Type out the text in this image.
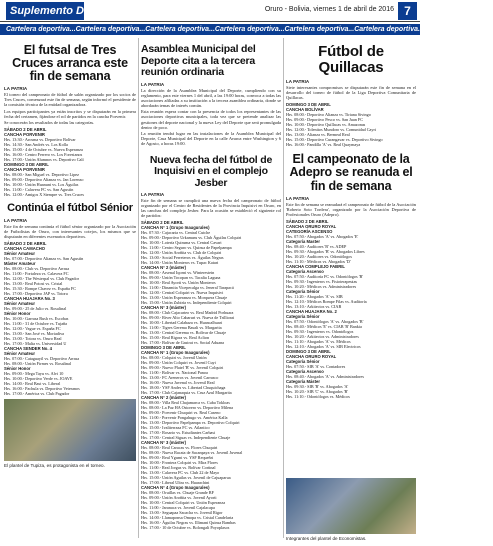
Suplemento Deportivo	Oruro - Bolivia, viernes 1 de abril de 2016 7
Cartelera deportiva...Cartelera deportiva...Cartelera deportiva...Cartelera deportiva...Cartelera deportiva...Cartelera deportiva...Cartelera deportiva...
El futsal de Tres Cruces arranca este fin de semana
LA PATRIA

El torneo del campeonato de fútbol de salón organizado por los socios de Tres Cruces, comenzará este fin de semana, según informó el presidente de la comisión técnica de la entidad organizadora.

Los equipos participantes ya están inscritos y se disputarán en la primera fecha del certamen, fijándose el rol de partidos en la cancha Porvenir.

Se conocerán los resultados de todas las categorías.

SÁBADO 2 DE ABRIL
CANCHA PORVENIR
Hrs. 13:30.- Arosma vs. Deportivo Bolívar
Hrs. 14:30.- San Andrés vs. Los Kolla
Hrs. 15:00.- 4 de Octubre vs. Nueva Esperanza
Hrs. 16:00.- Centro Ferrero vs. Los Forestanos
Hrs. 17:00.- Unión Alumnos vs. Deportivo Calí
DOMINGO 3 DE ABRIL
CANCHA PORVENIR
Hrs. 08:00.- San Miguel vs. Deportivo Lipez
Hrs. 09:00.- Deportivo Alianza vs. Jan Lorenzo
Hrs. 10:00.- Unión Huanuni vs. Los Águilas
Hrs. 11:00.- Calavera FC vs. San Agustín
Hrs. 12:00.- Amigos X Siempre vs. Tres Cruces
Continúa el fútbol Sénior
LA PATRIA

Este fin de semana continúa el fútbol sénior organizado por la Asociación de Futbolistas de Oruro, con interesantes cotejos, los mismos que se disputarán en diferentes escenarios deportivos.

SÁBADO 2 DE ABRIL
CANCHA CAMACHO
Sénior Amateur
Hrs. 07:00.- Deportivo Alianza vs. San Agustín
Máster Amateur
Hrs. 08:00.- Club vs. Deportivo Arrasa
Hrs. 11:00.- Fortaleza vs. Calavera FC
Hrs. 12:00.- The Westerpal vs. Club Pagador
Hrs. 13:00.- Real Potosi vs. Cristal
Hrs. 15:30.- Rompe Chavez vs. España FC
Hrs. 17:00.- Deportivo JAP vs. Totora
CANCHA HUAJARA No. 3
Sénior Amateur
Hrs. 09:00.- 25 de Julio vs. Rosalinal
Sénior Honor
Hrs. 10:00.- Garrasa Bush vs. Escobas
Hrs. 11:00.- 31 de Octubre vs. Tujaña
Hrs. 12:00.- Vague vs. España FC
Hrs. 13:00.- San José vs. Moriadiva
Hrs. 13:00.- Totora vs. Oruro Real
Hrs. 17:00.- Malta vs. Universidad U
CANCHA SENDER No. 4
Sénior Amateur
Hrs. 07:00.- Cataguayil vs. Deportivo Arrasa
Hrs. 08:00.- Unión Firmes vs. Rosalinal
Sénior Honor
Hrs. 09:00.- Mega Tayu vs. Alvi 10
Hrs. 10:00.- Deportivo Verde vs. JOAVE
Hrs. 14:00.- Real Bast vs. Liberal
Hrs. 16:00.- Pachula vs. Deportivo Veteranos
Hrs. 17:00.- América vs. Club Pagador
El plantel de Tupiza, es protagonista en el torneo.
Asamblea Municipal del Deporte cita a la tercera reunión ordinaria
LA PATRIA

La dirección de la Asamblea Municipal del Deporte, cumpliendo con su reglamento, para este viernes 1 del abril, a las 19:00 horas, convoca a todas las asociaciones afiliadas a su institución a la tercera asamblea ordinaria, donde se abordarán temas de interés común.

Esta reunión espera contar con la presencia de todos los representantes de las asociaciones deportivas municipales, toda vez que se pretende analizar las gestiones del deporte nacional y la nueva Ley del Deporte que será promulgada dentro de poco.

La reunión tendrá lugar en las instalaciones de la Asamblea Municipal del Deporte, Casa Municipal del Deporte en la calle Avaroa entre Washington y 6 de Agosto, a horas 19:00.

Nueva fecha del fútbol de Inquisivi en el complejo Jesber
LA PATRIA

Este fin de semana se cumplirá una nueva fecha del campeonato de fútbol organizado por el Centro de Residentes de la Provincia Inquisivi en Oruro, en las canchas del complejo Jesber. Para la ocasión se estableció el siguiente rol de partidos:

SÁBADO 2 DE ABRIL
CANCHA N° 1 (Grupo Inaugurales)
Hrs. 07:30.- Cajacaria vs. Central Cutche
Hrs. 09:00.- Deportivo Urkamaru vs. Club Águilas Colquiri
Hrs. 10:00.- Lotería Quiruma vs. Central Cavari
Hrs. 11:00.- Centro Seguro vs. Quinsa de Papelpampa
Hrs. 12:00.- Unión Aroñita vs. Club de Colquiri
Hrs. 13:00.- Social Ferreteros vs. Águilas Negras
Hrs. 14:00.- Unión Monteros vs. Tupac Katari
CANCHA N° 2 (máster)
Hrs. 08:00.- Arsenal Iqorni vs. Winterestein
Hrs. 09:00.- Unión Tocopan vs. Tacalia Laguna
Hrs. 10:00.- Real Ayorti vs. Unión Monteros
Hrs. 11:00.- Dinamita Vicepecalga vs. Jeneral Tarapacá
Hrs. 12:00.- Central Colquiri vs. Nueva Inquisivi
Hrs. 13:00.- Unión Esperanza vs. Morquera Chuaje
Hrs. 15:00.- Unión Zubiría vs. Independiente Colquiri
CANCHA N° 3 (máster)
Hrs. 08:00.- Club Cajacarteo vs. Real Madrid Porhuara
Hrs. 09:00.- River Alto Cabaruri vs. Nueva de Trilliorai
Hrs. 10:00.- Libertad Calabaza vs. Huancalhuari
Hrs. 11:00.- Tigres Gerema Basali vs. Margarita
Hrs. 13:00.- Central Gerema vs. Bolívar de Chuaje
Hrs. 15:00.- Real Rigora vs. Real Aclion
Hrs. 17:00.- Bolívar de Gastrat vs. Social Aduana
DOMINGO 3 DE ABRIL
CANCHA N° 1 (Grupo Inaugurales)
Hrs. 08:00.- Colquiri vs. Jovenil Unión
Hrs. 09:00.- Unión Colquiri vs. Jovenil Cuyi
Hrs. 09:00.- Nuevo Platel 'B' vs. Jovenil Colquiri
Hrs. 11:00.- Bolivar vs. Nacional Panoa
Hrs. 13:00.- FC Areneros vs. Jovenil Carrasco
Hrs. 16:00.- Nueva Juvenal vs. Jovenil Real
Hrs. 18:00.- YSF Andes vs. Libertad Chuquichaga
Hrs. 17:00.- Club Cajanaquia vs. Cruz Azul Margarita
CANCHA N° 2 (máster)
Hrs. 08:00.- Villa Real Chajamarca vs. Cuba Tokloas
Hrs. 08:00.- La Paz HA Ostorero vs. Deportivo Milena
Hrs. 09:00.- Porvenir Chuquiri vs. Real Caseno
Hrs. 11:00.- Porvenir Pongahugo vs. América Kalla
Hrs. 13:00.- Deportivo Papelpampa vs. Deportivo Colquiri
Hrs. 15:00.- Ivaliterraza FC vs. Atlantico
Hrs. 17:00.- Rosario vs. Estudiantes Carbasi
Hrs. 17:00.- Central Siguas vs. Independiente Chuaje
CANCHA N° 3 (máster)
Hrs. 08:00.- Real Caracas vs. Flores Chuquiri
Hrs. 08:00.- Nueva Racata de Sacanpaya vs. Jovenil Juvenal
Hrs. 09:00.- Real Ygumi vs. YSF Requeñri
Hrs. 10:00.- Frontera Colquiri vs. Mira Flores
Hrs. 11:00.- Real Jorgas vs. Bolívar Cortinal
Hrs. 13:00.- Calavera FC vs. Club 22 de Mayo
Hrs. 15:00.- Unión Aguilas vs. Jovenil de Cajuaparua
Hrs. 17:00.- Liberal Ultra vs. Huarachini
CANCHA N° 4 (Grupo Inaugurales)
Hrs. 08:00.- Oruillas vs. Chuaje Grande BF
Hrs. 09:00.- Unión Aroñita vs. Jovenil Ayorti
Hrs. 10:00.- Central Colquiri vs. Unión Esperanza
Hrs. 11:00.- Jaranaca vs. Jovenil Cajalacapa
Hrs. 13:00.- Seguapaa Sacacha vs. Jovenil Rigor
Hrs. 14:00.- Llamaponsa Omopa vs. Cristal Candelaria
Hrs. 16:00.- Águilas Negras vs. Illimani Quinsa Bambas
Hrs. 17:00.- 10 de Octubre vs. Bolongali Poyoplasos
Fútbol de Quillacas
LA PATRIA

Siete interesantes compromisos se disputarán este fin de semana en el desarrollo del torneo de fútbol de la Liga Deportiva Comunitaria de Quillacas.

DOMINGO 3 DE ABRIL
CANCHA BOLÍVAR
Hrs. 08:00.- Deportivo Alianza vs. Tiriana Sivingo
Hrs. 09:00.- Deportivo Pesco vs. San Juan FC
Hrs. 10:00.- Deportivo Quillacas vs. Amazonas
Hrs. 12:00.- Tolenitos Mundoro vs. Comunidad Cayri
Hrs. 13:00.- Alianza vs. Bermeal Real
Hrs. 15:00.- Deportivo Curangavar vs. Deportivo Sivingo
Hrs. 16:00.- Pandilla 'A' vs. Real Quaymaya
El campeonato de la Adepro se reanuda el fin de semana
LA PATRIA

Este fin de semana se reanudará el campeonato de fútbol de la Asociación 'Roberto Soto Tordera', organizado por la Asociación Deportiva de Profesionales Oruro (Adepro).

SÁBADO 2 DE ABRIL
CANCHA ORURO ROYAL
CATEGORÍA ASCENSO
Hrs. 07:50.- Abogados 'A' vs. Abogados 'E'
Categoría Master
Hrs. 08:40.- Auditores 'B' vs. ADEP
Hrs. 09:30.- Abogados 'B' vs. Abogados Libres
Hrs. 10:20.- Auditores vs. Odontólogos
Hrs. 11:10.- Médicos vs. Abogados 'D'
CANCHA COMPLEJO FABRIL
Categoría Ascenso
Hrs. 07:50.- Auditoría FC vs. Odontólogos 'B'
Hrs. 09:30.- Ingenieros vs. Fisioterapeutas
Hrs. 10:20.- Médicos vs. Administradores
Categoría Sénior
Hrs. 11:20.- Abogados 'A' vs. SIB
Hrs. 12:10.- Médicos Rompe Filas vs. Auditoría
Hrs. 13:10.- Arkitectos vs. CIAB
CANCHA HUAJARA No. 2
Categoría Sénior
Hrs. 07:50.- Odontólogos 'A' vs. Abogados 'B'
Hrs. 08:40.- Médicos 'E' vs. CIAB 'B' Bankia
Hrs. 09:30.- Ingenieros vs. Odontólogos
Hrs. 10:20.- Arkitectos vs. Administradores
Hrs. 11:10.- Abogados 'A' vs. Médicos
Hrs. 12:10.- Abogados 'A' vs. SIB Electricos
DOMINGO 3 DE ABRIL
CANCHA ORURO ROYAL
Categoría Sénior
Hrs. 07:50.- SIB 'A' vs. Contadores
Categoría Ascenso
Hrs. 08:40.- Abogados 'A' vs. Administradores
Categoría Máster
Hrs. 09:30.- SIB 'B' vs. Abogados 'A'
Hrs. 10:20.- SIB 'C' vs. Abogados 'B'
Hrs. 11:10.- Odontólogos vs. Médicos
Integrantes del plantel de Economistas.
